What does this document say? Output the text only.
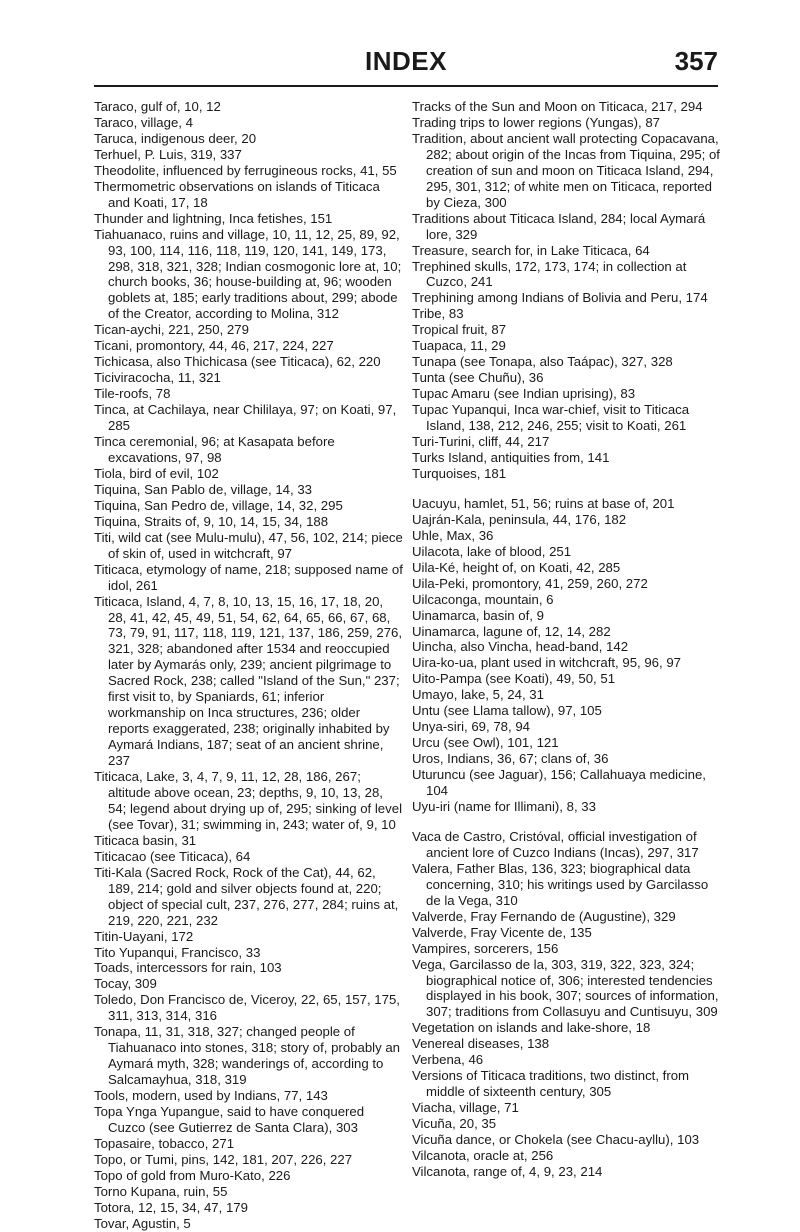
INDEX	357

Taraco, gulf of, 10, 12

Taraco, village, 4

Taruca, indigenous deer, 20

Terhuel, P. Luis, 319, 337

Theodolite, influenced by ferrugineous rocks, 41, 55

Thermometric observations on islands of Titicaca and Koati, 17, 18

Thunder and lightning, Inca fetishes, 151

Tiahuanaco, ruins and village, 10, 11, 12, 25, 89, 92, 93, 100, 114, 116, 118, 119, 120, 141, 149, 173, 298, 318, 321, 328; Indian cosmogonic lore at, 10; church books, 36; house-building at, 96; wooden goblets at, 185; early traditions about, 299; abode of the Creator, according to Molina, 312

Tican-aychi, 221, 250, 279

Ticani, promontory, 44, 46, 217, 224, 227

Tichicasa, also Thichicasa (see Titicaca), 62, 220

Ticiviracocha, 11, 321

Tile-roofs, 78

Tinca, at Cachilaya, near Chililaya, 97; on Koati, 97, 285

Tinca ceremonial, 96; at Kasapata before excavations, 97, 98

Tiola, bird of evil, 102

Tiquina, San Pablo de, village, 14, 33

Tiquina, San Pedro de, village, 14, 32, 295

Tiquina, Straits of, 9, 10, 14, 15, 34, 188

Titi, wild cat (see Mulu-mulu), 47, 56, 102, 214; piece of skin of, used in witchcraft, 97

Titicaca, etymology of name, 218; supposed name of idol, 261

Titicaca, Island, 4, 7, 8, 10, 13, 15, 16, 17, 18, 20, 28, 41, 42, 45, 49, 51, 54, 62, 64, 65, 66, 67, 68, 73, 79, 91, 117, 118, 119, 121, 137, 186, 259, 276, 321, 328; abandoned after 1534 and reoccupied later by Aymarás only, 239; ancient pilgrimage to Sacred Rock, 238; called "Island of the Sun," 237; first visit to, by Spaniards, 61; inferior workmanship on Inca structures, 236; older reports exaggerated, 238; originally inhabited by Aymará Indians, 187; seat of an ancient shrine, 237

Titicaca, Lake, 3, 4, 7, 9, 11, 12, 28, 186, 267; altitude above ocean, 23; depths, 9, 10, 13, 28, 54; legend about drying up of, 295; sinking of level (see Tovar), 31; swimming in, 243; water of, 9, 10

Titicaca basin, 31

Titicacao (see Titicaca), 64

Titi-Kala (Sacred Rock, Rock of the Cat), 44, 62, 189, 214; gold and silver objects found at, 220; object of special cult, 237, 276, 277, 284; ruins at, 219, 220, 221, 232

Titin-Uayani, 172

Tito Yupanqui, Francisco, 33

Toads, intercessors for rain, 103

Tocay, 309

Toledo, Don Francisco de, Viceroy, 22, 65, 157, 175, 311, 313, 314, 316

Tonapa, 11, 31, 318, 327; changed people of Tiahuanaco into stones, 318; story of, probably an Aymará myth, 328; wanderings of, according to Salcamayhua, 318, 319

Tools, modern, used by Indians, 77, 143

Topa Ynga Yupangue, said to have conquered Cuzco (see Gutierrez de Santa Clara), 303

Topasaire, tobacco, 271

Topo, or Tumi, pins, 142, 181, 207, 226, 227

Topo of gold from Muro-Kato, 226

Torno Kupana, ruin, 55

Totora, 12, 15, 34, 47, 179

Tovar, Agustin, 5

Tracks of the Sun and Moon on Titicaca, 217, 294

Trading trips to lower regions (Yungas), 87

Tradition, about ancient wall protecting Copacavana, 282; about origin of the Incas from Tiquina, 295; of creation of sun and moon on Titicaca Island, 294, 295, 301, 312; of white men on Titicaca, reported by Cieza, 300

Traditions about Titicaca Island, 284; local Aymará lore, 329

Treasure, search for, in Lake Titicaca, 64

Trephined skulls, 172, 173, 174; in collection at Cuzco, 241

Trephining among Indians of Bolivia and Peru, 174

Tribe, 83

Tropical fruit, 87

Tuapaca, 11, 29

Tunapa (see Tonapa, also Taápac), 327, 328

Tunta (see Chuñu), 36

Tupac Amaru (see Indian uprising), 83

Tupac Yupanqui, Inca war-chief, visit to Titicaca Island, 138, 212, 246, 255; visit to Koati, 261

Turi-Turini, cliff, 44, 217

Turks Island, antiquities from, 141

Turquoises, 181

Uacuyu, hamlet, 51, 56; ruins at base of, 201

Uajrán-Kala, peninsula, 44, 176, 182

Uhle, Max, 36

Uilacota, lake of blood, 251

Uila-Ké, height of, on Koati, 42, 285

Uila-Peki, promontory, 41, 259, 260, 272

Uilcaconga, mountain, 6

Uinamarca, basin of, 9

Uinamarca, lagune of, 12, 14, 282

Uincha, also Vincha, head-band, 142

Uira-ko-ua, plant used in witchcraft, 95, 96, 97

Uito-Pampa (see Koati), 49, 50, 51

Umayo, lake, 5, 24, 31

Untu (see Llama tallow), 97, 105

Unya-siri, 69, 78, 94

Urcu (see Owl), 101, 121

Uros, Indians, 36, 67; clans of, 36

Uturuncu (see Jaguar), 156; Callahuaya medicine, 104

Uyu-iri (name for Illimani), 8, 33

Vaca de Castro, Cristóval, official investigation of ancient lore of Cuzco Indians (Incas), 297, 317

Valera, Father Blas, 136, 323; biographical data concerning, 310; his writings used by Garcilasso de la Vega, 310

Valverde, Fray Fernando de (Augustine), 329

Valverde, Fray Vicente de, 135

Vampires, sorcerers, 156

Vega, Garcilasso de la, 303, 319, 322, 323, 324; biographical notice of, 306; interested tendencies displayed in his book, 307; sources of information, 307; traditions from Collasuyu and Cuntisuyu, 309

Vegetation on islands and lake-shore, 18

Venereal diseases, 138

Verbena, 46

Versions of Titicaca traditions, two distinct, from middle of sixteenth century, 305

Viacha, village, 71

Vicuña, 20, 35

Vicuña dance, or Chokela (see Chacu-ayllu), 103

Vilcanota, oracle at, 256

Vilcanota, range of, 4, 9, 23, 214
